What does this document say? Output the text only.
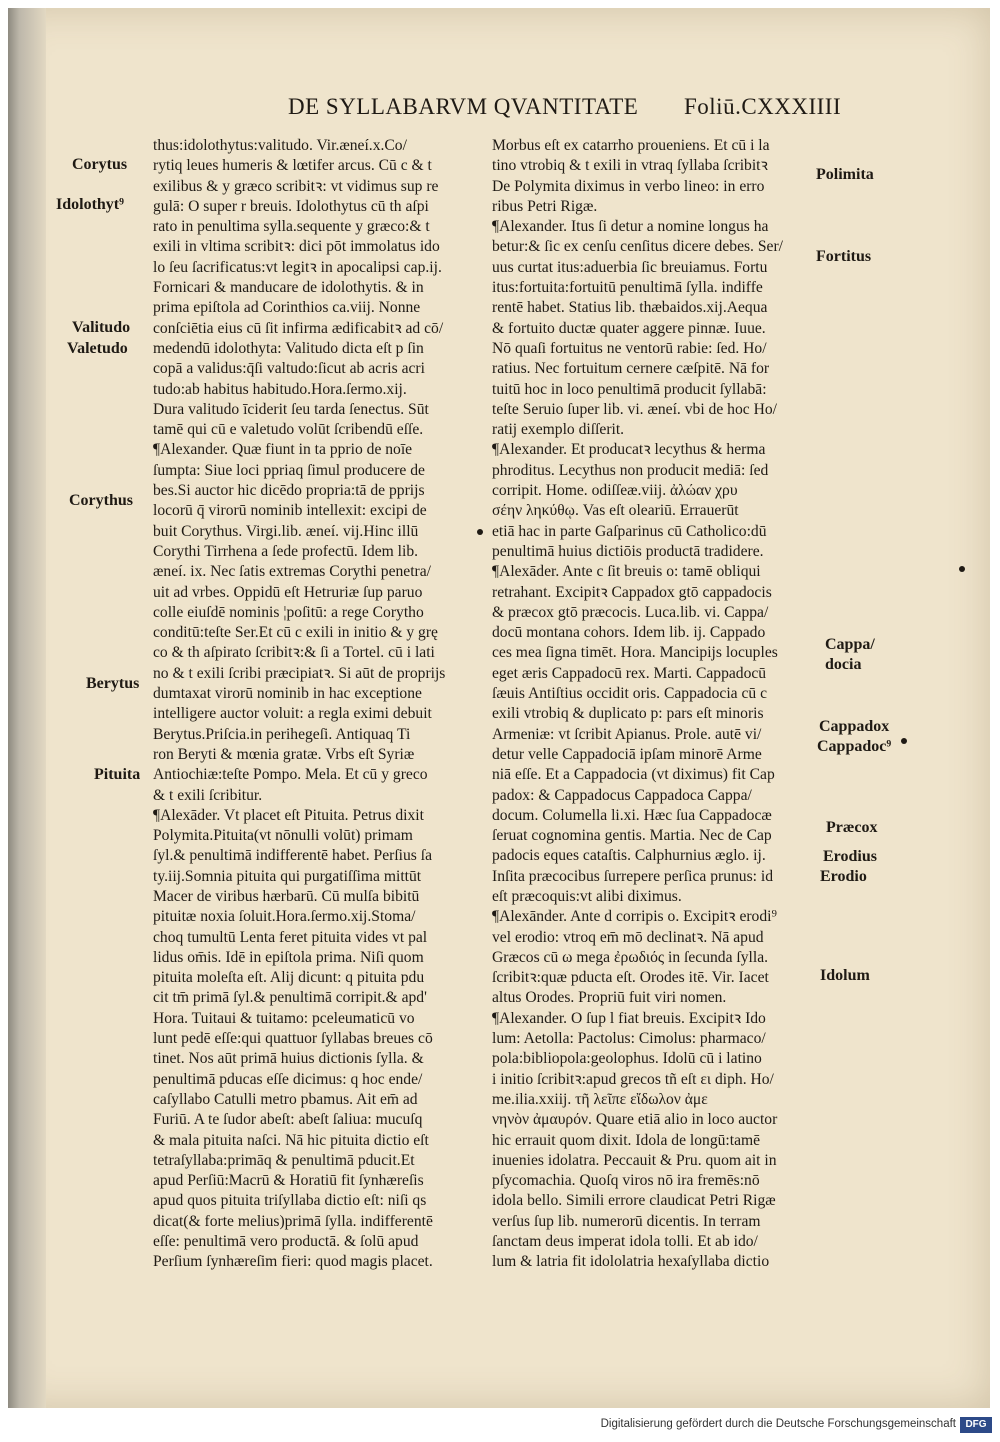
DE SYLLABARVM QVANTITATE Foliū.CXXXIIII
thus:idolothytus:valitudo. Vir.æneí.x.Co/
rytiq leues humeris & lœtifer arcus. Cū c & t
exilibus & y græco scribitꝛ: vt vidimus sup re
gulā: O super r breuis. Idolothytus cū th aſpi
rato in penultima sylla.sequente y græco:& t
exili in vltima scribitꝛ: dici pōt immolatus ido
lo ſeu ſacrificatus:vt legitꝛ in apocalipsi cap.ij.
Fornicari & manducare de idolothytis. & in
prima epiſtola ad Corinthios ca.viij. Nonne
conſciētia eius cū ſit infirma ædificabitꝛ ad cō/
medendū idolothyta: Valitudo dicta eſt p ſin
copā a validus:q̄ſi valtudo:ſicut ab acris acri
tudo:ab habitus habitudo.Hora.ſermo.xij.
Dura valitudo īciderit ſeu tarda ſenectus. Sūt
tamē qui cū e valetudo volūt ſcribendū eſſe.
¶Alexander. Quæ fiunt in ta pprio de noīe
ſumpta: Siue loci ppriaq ſimul producere de
bes.Si auctor hic dicēdo propria:tā de pprijs
locorū q̄ virorū nominib intellexit: excipi de
buit Corythus. Virgi.lib. æneí. vij.Hinc illū
Corythi Tirrhena a ſede profectū. Idem lib.
æneí. ix. Nec ſatis extremas Corythi penetra/
uit ad vrbes. Oppidū eſt Hetruriæ ſup paruo
colle eiuſdē nominis ¦poſitū: a rege Corytho
conditū:teſte Ser.Et cū c exili in initio & y grę
co & th aſpirato ſcribitꝛ:& ſi a Tortel. cū i lati
no & t exili ſcribi præcipiatꝛ. Si aūt de proprijs
dumtaxat virorū nominib in hac exceptione
intelligere auctor voluit: a regla eximi debuit
Berytus.Priſcia.in perihegeſi. Antiquaq Ti
ron Beryti & mœnia gratæ. Vrbs eſt Syriæ
Antiochiæ:teſte Pompo. Mela. Et cū y greco
& t exili ſcribitur.
¶Alexāder. Vt placet eſt Pituita. Petrus dixit
Polymita.Pituita(vt nōnulli volūt) primam
ſyl.& penultimā indifferentē habet. Perſius ſa
ty.iij.Somnia pituita qui purgatiſſima mittūt
Macer de viribus hærbarū. Cū mulſa bibitū
pituitæ noxia ſoluit.Hora.ſermo.xij.Stoma/
choq tumultū Lenta feret pituita vides vt pal
lidus om̄is. Idē in epiſtola prima. Niſi quom
pituita moleſta eſt. Alij dicunt: q pituita pdu
cit tm̄ primā ſyl.& penultimā corripit.& apd'
Hora. Tuitaui & tuitamo: pceleumaticū vo
lunt pedē eſſe:qui quattuor ſyllabas breues cō
tinet. Nos aūt primā huius dictionis ſylla. &
penultimā pducas eſſe dicimus: q hoc ende/
caſyllabo Catulli metro pbamus. Ait em̄ ad
Furiū. A te ſudor abeſt: abeſt ſaliua: mucuſq
& mala pituita naſci. Nā hic pituita dictio eſt
tetraſyllaba:primāq & penultimā pducit.Et
apud Perſiū:Macrū & Horatiū fit ſynhæreſis
apud quos pituita triſyllaba dictio eſt: niſi qs
dicat(& forte melius)primā ſylla. indifferentē
eſſe: penultimā vero productā. & ſolū apud
Perſium ſynhæreſim fieri: quod magis placet.
Morbus eſt ex catarrho proueniens. Et cū i la
tino vtrobiq & t exili in vtraq ſyllaba ſcribitꝛ
De Polymita diximus in verbo lineo: in erro
ribus Petri Rigæ.
¶Alexander. Itus ſi detur a nomine longus ha
betur:& ſic ex cenſu cenſitus dicere debes. Ser/
uus curtat itus:aduerbia ſic breuiamus. Fortu
itus:fortuita:fortuitū penultimā ſylla. indiffe
rentē habet. Statius lib. thæbaidos.xij.Aequa
& fortuito ductæ quater aggere pinnæ. Iuue.
Nō quaſi fortuitus ne ventorū rabie: ſed. Ho/
ratius. Nec fortuitum cernere cæſpitē. Nā for
tuitū hoc in loco penultimā producit ſyllabā:
teſte Seruio ſuper lib. vi. æneí. vbi de hoc Ho/
ratij exemplo diſſerit.
¶Alexander. Et producatꝛ lecythus & herma
phroditus. Lecythus non producit mediā: ſed
corripit. Home. odiſſeæ.viij. ἀλώαν χρυ
σέην ληκύθῳ. Vas eſt oleariū. Errauerūt
etiā hac in parte Gaſparinus cū Catholico:dū
penultimā huius dictiōis productā tradidere.
¶Alexāder. Ante c ſit breuis o: tamē obliqui
retrahant. Excipitꝛ Cappadox gtō cappadocis
& præcox gtō præcocis. Luca.lib. vi. Cappa/
docū montana cohors. Idem lib. ij. Cappado
ces mea ſigna timēt. Hora. Mancipijs locuples
eget æris Cappadocū rex. Marti. Cappadocū
ſæuis Antiſtius occidit oris. Cappadocia cū c
exili vtrobiq & duplicato p: pars eſt minoris
Armeniæ: vt ſcribit Apianus. Prole. autē vi/
detur velle Cappadociā ipſam minorē Arme
niā eſſe. Et a Cappadocia (vt diximus) fit Cap
padox: & Cappadocus Cappadoca Cappa/
docum. Columella li.xi. Hæc ſua Cappadocæ
ſeruat cognomina gentis. Martia. Nec de Cap
padocis eques cataſtis. Calphurnius æglo. ij.
Inſita præcocibus ſurrepere perſica prunus: id
eſt præcoquis:vt alibi diximus.
¶Alexānder. Ante d corripis o. Excipitꝛ erodi⁹
vel erodio: vtroq em̄ mō declinatꝛ. Nā apud
Græcos cū ω mega ἐρωδιός in ſecunda ſylla.
ſcribitꝛ:quæ pducta eſt. Orodes itē. Vir. Iacet
altus Orodes. Propriū fuit viri nomen.
¶Alexander. O ſup l fiat breuis. Excipitꝛ Ido
lum: Aetolla: Pactolus: Cimolus: pharmaco/
pola:bibliopola:geolophus. Idolū cū i latino
i initio ſcribitꝛ:apud grecos tñ eſt ει diph. Ho/
me.ilia.xxiij. τῆ λεῖπε εἴδωλον ἀμε
νηνὸν ἀμαυρόν. Quare etiā alio in loco auctor
hic errauit quom dixit. Idola de longū:tamē
inuenies idolatra. Peccauit & Pru. quom ait in
pſycomachia. Quoſq viros nō ira fremēs:nō
idola bello. Simili errore claudicat Petri Rigæ
verſus ſup lib. numerorū dicentis. In terram
ſanctam deus imperat idola tolli. Et ab ido/
lum & latria fit idololatria hexaſyllaba dictio
Corytus
Idolothyt⁹
Valitudo
Valetudo
Corythus
Berytus
Pituita
Polimita
Fortitus
Cappa/
docia
Cappadox
Cappadoc⁹
Præcox
Erodius
Erodio
Idolum
Digitalisierung gefördert durch die Deutsche Forschungsgemeinschaft DFG
